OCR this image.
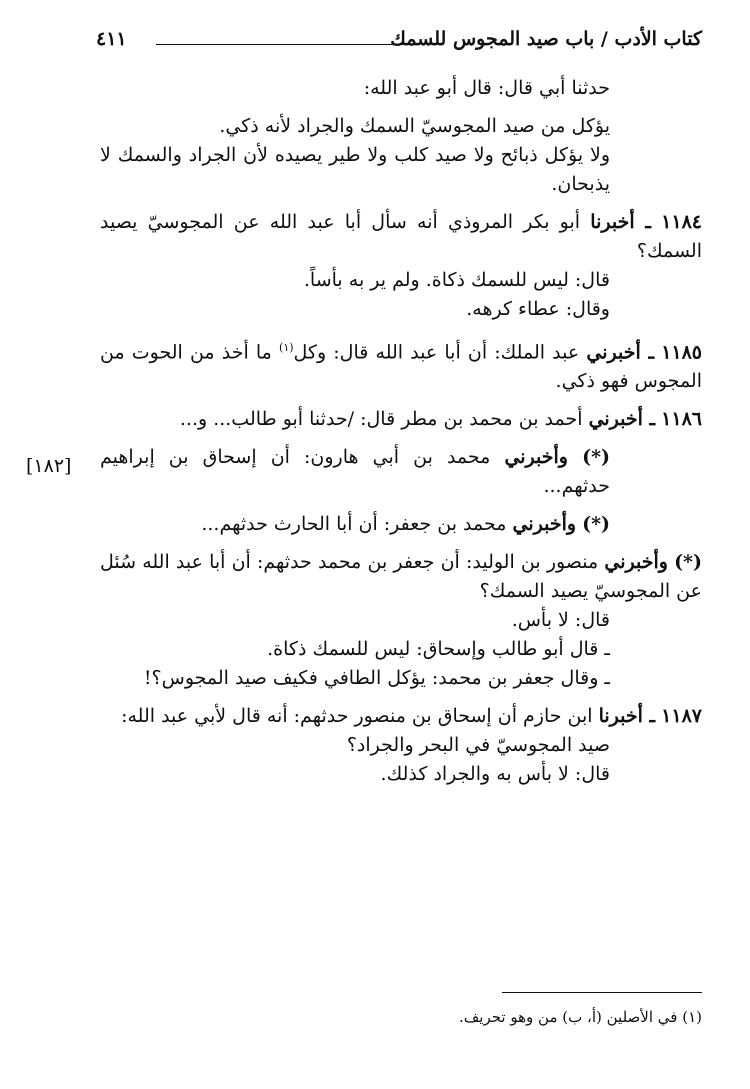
كتاب الأدب / باب صيد المجوس للسمك
٤١١
[١٨٢]

حدثنا أبي قال: قال أبو عبد الله:

يؤكل من صيد المجوسيّ السمك والجراد لأنه ذكي.

ولا يؤكل ذبائح ولا صيد كلب ولا طير يصيده لأن الجراد والسمك لا يذبحان.

١١٨٤ ـ أخبرنا أبو بكر المروذي أنه سأل أبا عبد الله عن المجوسيّ يصيد السمك؟

قال: ليس للسمك ذكاة. ولم ير به بأساً.

وقال: عطاء كرهه.

١١٨٥ ـ أخبرني عبد الملك: أن أبا عبد الله قال: وكل$^{(١)}$ ما أخذ من الحوت من المجوس فهو ذكي.

١١٨٦ ـ أخبرني أحمد بن محمد بن مطر قال: /حدثنا أبو طالب... و...

(*) وأخبرني محمد بن أبي هارون: أن إسحاق بن إبراهيم حدثهم...

(*) وأخبرني محمد بن جعفر: أن أبا الحارث حدثهم...

(*) وأخبرني منصور بن الوليد: أن جعفر بن محمد حدثهم: أن أبا عبد الله سُئل عن المجوسيّ يصيد السمك؟

قال: لا بأس.

ـ قال أبو طالب وإسحاق: ليس للسمك ذكاة.

ـ وقال جعفر بن محمد: يؤكل الطافي فكيف صيد المجوس؟!

١١٨٧ ـ أخبرنا ابن حازم أن إسحاق بن منصور حدثهم: أنه قال لأبي عبد الله:

صيد المجوسيّ في البحر والجراد؟

قال: لا بأس به والجراد كذلك.

(١) في الأصلين (أ، ب) من وهو تحريف.
